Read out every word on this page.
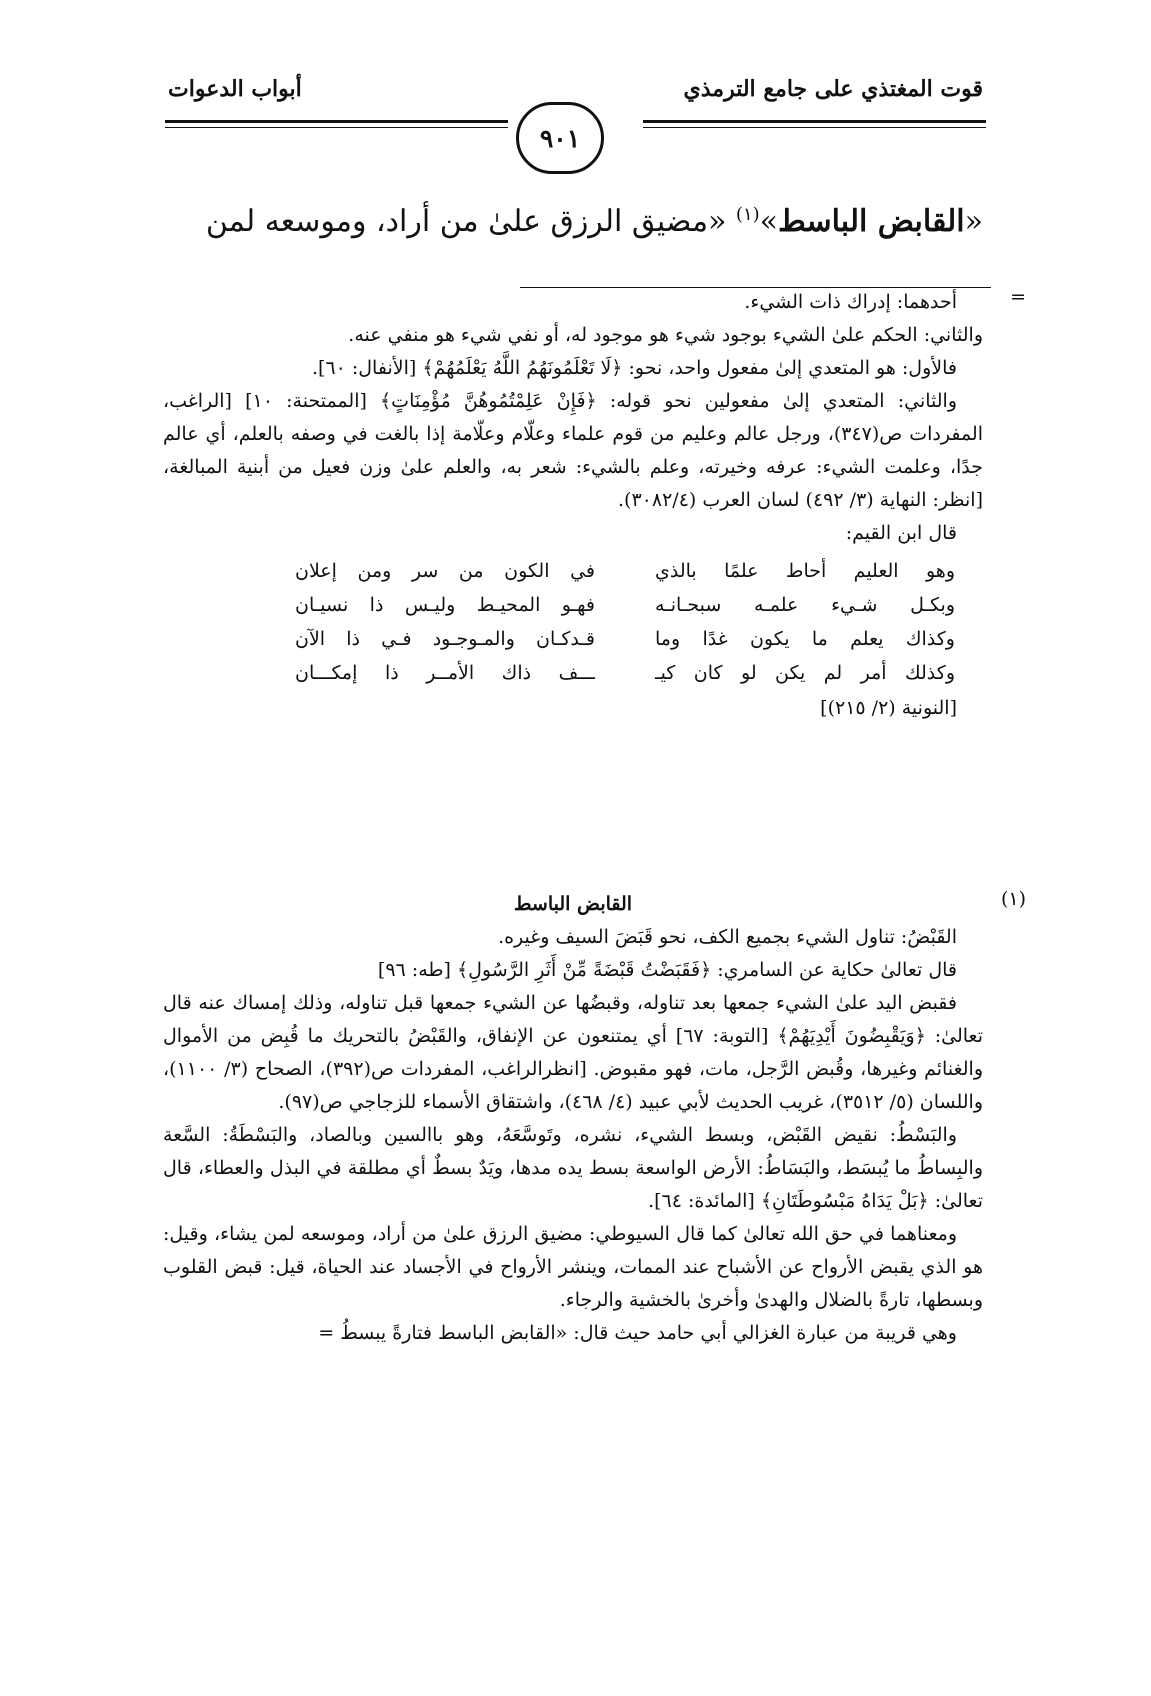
قوت المغتذي على جامع الترمذي
أبواب الدعوات
٩٠١
«القابض الباسط»$^{(١)}$ «مضيق الرزق علىٰ من أراد، وموسعه لمن
=

أحدهما: إدراك ذات الشيء.

والثاني: الحكم علىٰ الشيء بوجود شيء هو موجود له، أو نفي شيء هو منفي عنه.

فالأول: هو المتعدي إلىٰ مفعول واحد، نحو: ﴿لَا تَعْلَمُونَهُمُ اللَّهُ يَعْلَمُهُمْ﴾ [الأنفال: ٦٠].

والثاني: المتعدي إلىٰ مفعولين نحو قوله: ﴿فَإِنْ عَلِمْتُمُوهُنَّ مُؤْمِنَاتٍ﴾ [الممتحنة: ١٠] [الراغب، المفردات ص(٣٤٧)، ورجل عالم وعليم من قوم علماء وعلّام وعلّامة إذا بالغت في وصفه بالعلم، أي عالم جدًا، وعلمت الشيء: عرفه وخيرته، وعلم بالشيء: شعر به، والعلم علىٰ وزن فعيل من أبنية المبالغة، [انظر: النهاية (٣/ ٤٩٢) لسان العرب (٣٠٨٢/٤).

قال ابن القيم:

وهو العليم أحاط علمًا بالذي
في الكون من سر ومن إعلان
وبكـل شـيء علمـه سبحـانـه
فهـو المحيـط وليـس ذا نسيـان
وكذاك يعلم ما يكون غدًا وما
قـدكـان والمـوجـود فـي ذا الآن
وكذلك أمر لم يكن لو كان كيـ
ـــف ذاك الأمــر ذا إمكـــان

[النونية (٢/ ٢١٥)]

(١)

القابض الباسط

القَبْضُ: تناول الشيء بجميع الكف، نحو قَبَضَ السيف وغيره.

قال تعالىٰ حكاية عن السامري: ﴿فَقَبَضْتُ قَبْضَةً مِّنْ أَثَرِ الرَّسُولِ﴾ [طه: ٩٦]

فقبض اليد علىٰ الشيء جمعها بعد تناوله، وقبضُها عن الشيء جمعها قبل تناوله، وذلك إمساك عنه قال تعالىٰ: ﴿وَيَقْبِضُونَ أَيْدِيَهُمْ﴾ [التوبة: ٦٧] أي يمتنعون عن الإنفاق، والقَبْضُ بالتحريك ما قُبِض من الأموال والغنائم وغيرها، وقُبض الرَّجل، مات، فهو مقبوض. [انظرالراغب، المفردات ص(٣٩٢)، الصحاح (٣/ ١١٠٠)، واللسان (٥/ ٣٥١٢)، غريب الحديث لأبي عبيد (٤/ ٤٦٨)، واشتقاق الأسماء للزجاجي ص(٩٧).

والبَسْطُ: نقيض القَبْض، وبسط الشيء، نشره، وتَوسَّعَهُ، وهو باالسين وبالصاد، والبَسْطَةُ: السَّعة والبِساطُ ما يُبسَط، والبَسَاطُ: الأرض الواسعة بسط يده مدها، ويَدٌ بسطٌ أي مطلقة في البذل والعطاء، قال تعالىٰ: ﴿بَلْ يَدَاهُ مَبْسُوطَتَانِ﴾ [المائدة: ٦٤].

ومعناهما في حق الله تعالىٰ كما قال السيوطي: مضيق الرزق علىٰ من أراد، وموسعه لمن يشاء، وقيل: هو الذي يقبض الأرواح عن الأشباح عند الممات، وينشر الأرواح في الأجساد عند الحياة، قيل: قبض القلوب وبسطها، تارةً بالضلال والهدىٰ وأخرىٰ بالخشية والرجاء.

وهي قريبة من عبارة الغزالي أبي حامد حيث قال: «القابض الباسط فتارةً يبسطُ =
